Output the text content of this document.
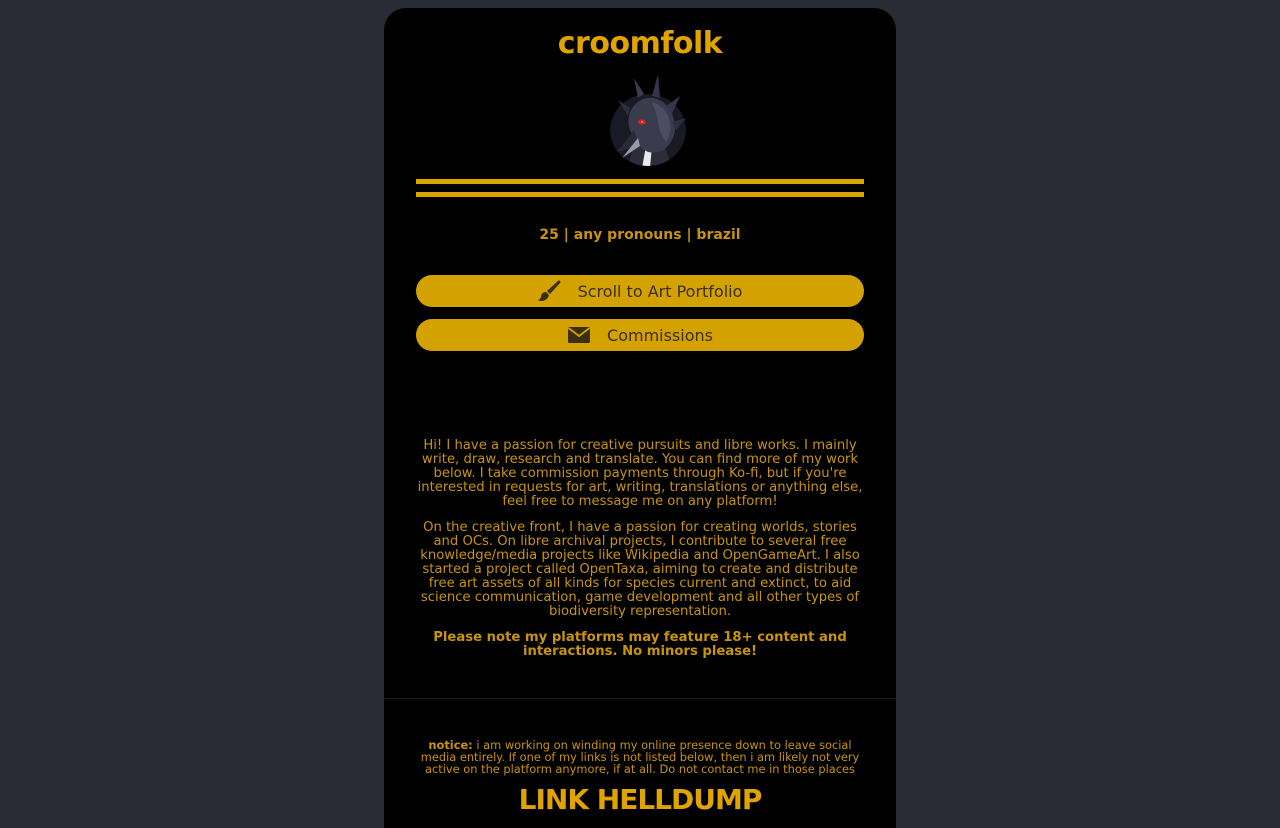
croomfolk
25 | any pronouns | brazil
Scroll to Art Portfolio
Commissions

Hi! I have a passion for creative pursuits and libre works. I mainly write, draw, research and translate. You can find more of my work below. I take commission payments through Ko-fi, but if you're interested in requests for art, writing, translations or anything else, feel free to message me on any platform!

On the creative front, I have a passion for creating worlds, stories and OCs. On libre archival projects, I contribute to several free knowledge/media projects like Wikipedia and OpenGameArt. I also started a project called OpenTaxa, aiming to create and distribute free art assets of all kinds for species current and extinct, to aid science communication, game development and all other types of biodiversity representation.

Please note my platforms may feature 18+ content and interactions. No minors please!

notice: i am working on winding my online presence down to leave social media entirely. If one of my links is not listed below, then i am likely not very active on the platform anymore, if at all. Do not contact me in those places

LINK HELLDUMP
